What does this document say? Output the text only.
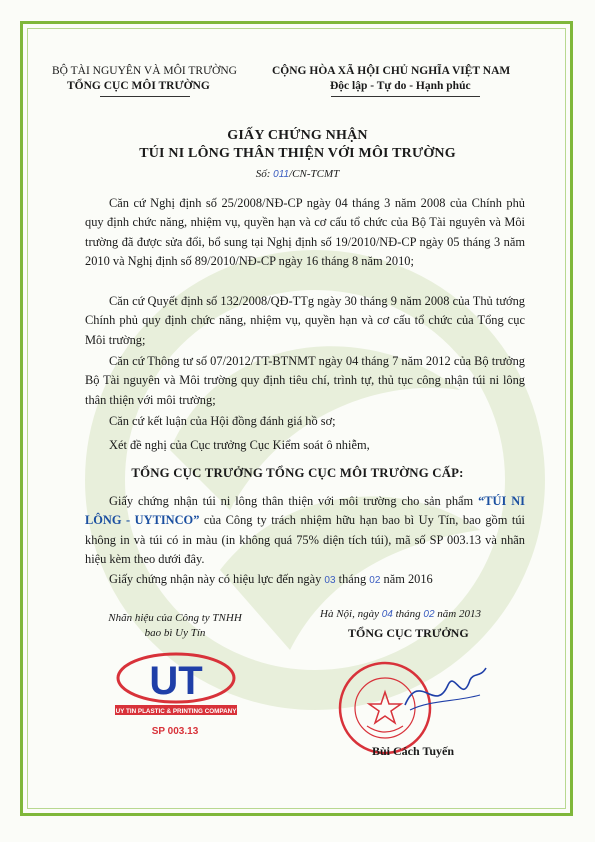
BỘ TÀI NGUYÊN VÀ MÔI TRƯỜNG
TỔNG CỤC MÔI TRƯỜNG
CỘNG HÒA XÃ HỘI CHỦ NGHĨA VIỆT NAM
Độc lập - Tự do - Hạnh phúc
GIẤY CHỨNG NHẬN
TÚI NI LÔNG THÂN THIỆN VỚI MÔI TRƯỜNG
Số: 011/CN-TCMT
Căn cứ Nghị định số 25/2008/NĐ-CP ngày 04 tháng 3 năm 2008 của Chính phủ quy định chức năng, nhiệm vụ, quyền hạn và cơ cấu tổ chức của Bộ Tài nguyên và Môi trường đã được sửa đổi, bổ sung tại Nghị định số 19/2010/NĐ-CP ngày 05 tháng 3 năm 2010 và Nghị định số 89/2010/NĐ-CP ngày 16 tháng 8 năm 2010;
Căn cứ Quyết định số 132/2008/QĐ-TTg ngày 30 tháng 9 năm 2008 của Thủ tướng Chính phủ quy định chức năng, nhiệm vụ, quyền hạn và cơ cấu tổ chức của Tổng cục Môi trường;
Căn cứ Thông tư số 07/2012/TT-BTNMT ngày 04 tháng 7 năm 2012 của Bộ trưởng Bộ Tài nguyên và Môi trường quy định tiêu chí, trình tự, thủ tục công nhận túi ni lông thân thiện với môi trường;
Căn cứ kết luận của Hội đồng đánh giá hồ sơ;
Xét đề nghị của Cục trưởng Cục Kiểm soát ô nhiễm,
TỔNG CỤC TRƯỞNG TỔNG CỤC MÔI TRƯỜNG CẤP:
Giấy chứng nhận túi ni lông thân thiện với môi trường cho sản phẩm “TÚI NI LÔNG - UYTINCO” của Công ty trách nhiệm hữu hạn bao bì Uy Tín, bao gồm túi không in và túi có in màu (in không quá 75% diện tích túi), mã số SP 003.13 và nhãn hiệu kèm theo dưới đây.
Giấy chứng nhận này có hiệu lực đến ngày 03 tháng 02 năm 2016
Nhãn hiệu của Công ty TNHH
bao bì Uy Tín
UT
UY TIN PLASTIC & PRINTING COMPANY
SP 003.13
Hà Nội, ngày 04 tháng 02 năm 2013
TỔNG CỤC TRƯỞNG
Bùi Cách Tuyến
